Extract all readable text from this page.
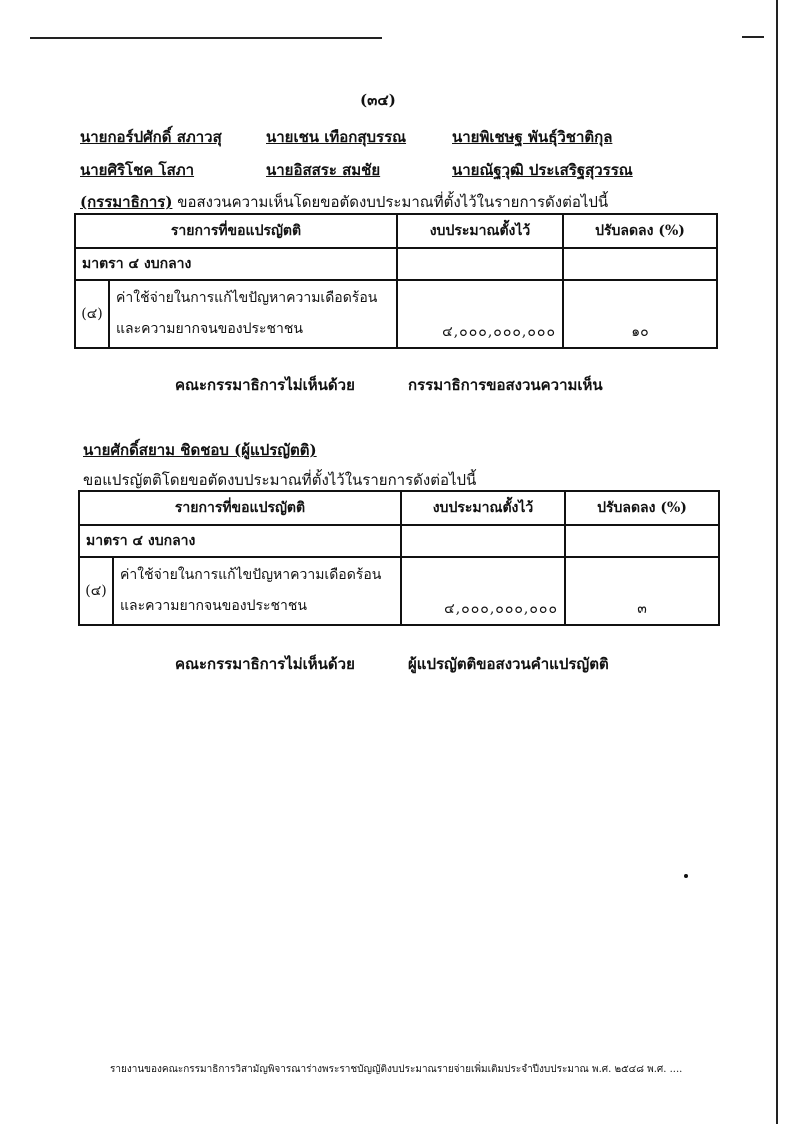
(๓๔)
นายกอร์ปศักดิ์ สภาวสุ	นายเชน เทือกสุบรรณ	นายพิเชษฐ พันธุ์วิชาติกุล
นายศิริโชค โสภา	นายอิสสระ สมชัย	นายณัฐวุฒิ ประเสริฐสุวรรณ
(กรรมาธิการ) ขอสงวนความเห็นโดยขอตัดงบประมาณที่ตั้งไว้ในรายการดังต่อไปนี้
รายการที่ขอแปรญัตติ		งบประมาณตั้งไว้	ปรับลดลง (%)
มาตรา ๔ งบกลาง			
(๔)	ค่าใช้จ่ายในการแก้ไขปัญหาความเดือดร้อน
และความยากจนของประชาชน	๔,๐๐๐,๐๐๐,๐๐๐	๑๐
คณะกรรมาธิการไม่เห็นด้วย	กรรมาธิการขอสงวนความเห็น
นายศักดิ์สยาม ชิดชอบ (ผู้แปรญัตติ)
ขอแปรญัตติโดยขอตัดงบประมาณที่ตั้งไว้ในรายการดังต่อไปนี้
รายการที่ขอแปรญัตติ		งบประมาณตั้งไว้	ปรับลดลง (%)
มาตรา ๔ งบกลาง			
(๔)	ค่าใช้จ่ายในการแก้ไขปัญหาความเดือดร้อน
และความยากจนของประชาชน	๔,๐๐๐,๐๐๐,๐๐๐	๓
คณะกรรมาธิการไม่เห็นด้วย	ผู้แปรญัตติขอสงวนคำแปรญัตติ
รายงานของคณะกรรมาธิการวิสามัญพิจารณาร่างพระราชบัญญัติงบประมาณรายจ่ายเพิ่มเติมประจำปีงบประมาณ พ.ศ. ๒๕๔๘ พ.ศ. ....
